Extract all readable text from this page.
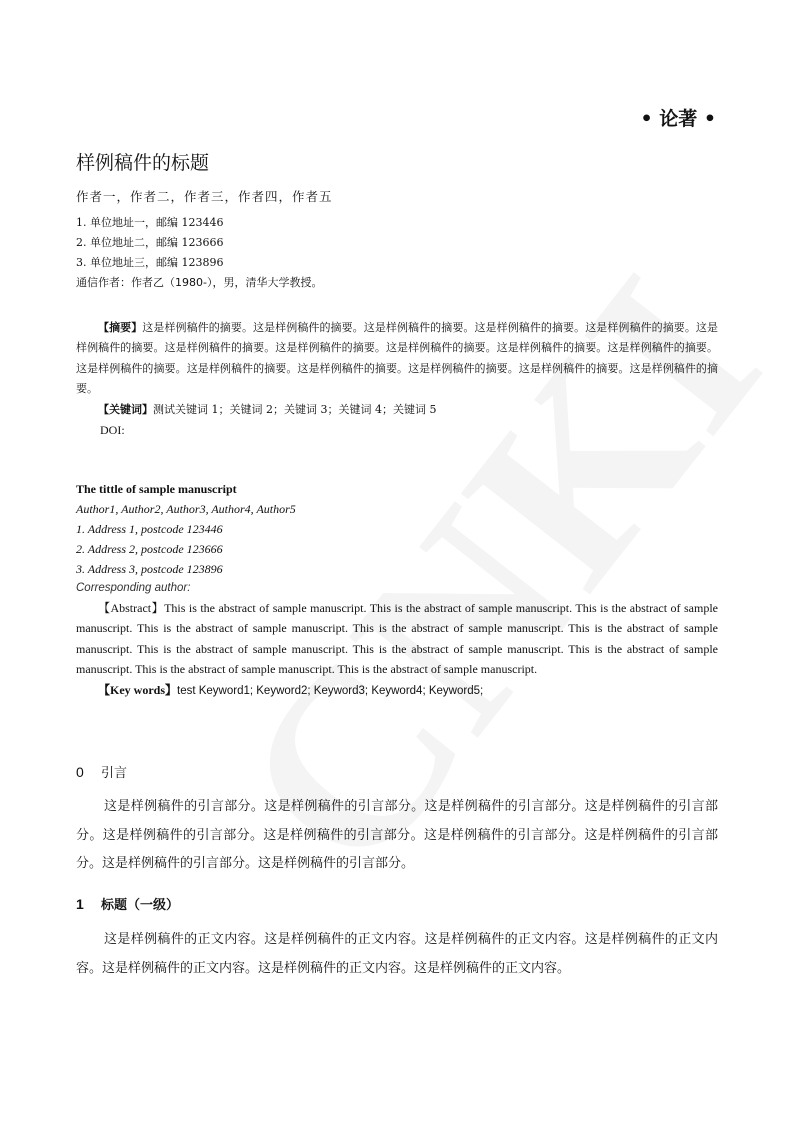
• 论著 •
样例稿件的标题
作者一，作者二，作者三，作者四，作者五
1. 单位地址一，邮编 123446
2. 单位地址二，邮编 123666
3. 单位地址三，邮编 123896
通信作者：作者乙（1980-），男，清华大学教授。
【摘要】这是样例稿件的摘要。这是样例稿件的摘要。这是样例稿件的摘要。这是样例稿件的摘要。这是样例稿件的摘要。这是样例稿件的摘要。这是样例稿件的摘要。这是样例稿件的摘要。这是样例稿件的摘要。这是样例稿件的摘要。这是样例稿件的摘要。这是样例稿件的摘要。这是样例稿件的摘要。这是样例稿件的摘要。这是样例稿件的摘要。这是样例稿件的摘要。这是样例稿件的摘要。
【关键词】测试关键词 1；关键词 2；关键词 3；关键词 4；关键词 5
DOI:
The tittle of sample manuscript
Author1, Author2, Author3, Author4, Author5
1. Address 1, postcode 123446
2. Address 2, postcode 123666
3. Address 3, postcode 123896
Corresponding author:
【Abstract】This is the abstract of sample manuscript. This is the abstract of sample manuscript. This is the abstract of sample manuscript. This is the abstract of sample manuscript. This is the abstract of sample manuscript. This is the abstract of sample manuscript. This is the abstract of sample manuscript. This is the abstract of sample manuscript. This is the abstract of sample manuscript. This is the abstract of sample manuscript. This is the abstract of sample manuscript.
【Key words】test Keyword1; Keyword2; Keyword3; Keyword4; Keyword5;
0 引言
这是样例稿件的引言部分。这是样例稿件的引言部分。这是样例稿件的引言部分。这是样例稿件的引言部分。这是样例稿件的引言部分。这是样例稿件的引言部分。这是样例稿件的引言部分。这是样例稿件的引言部分。这是样例稿件的引言部分。这是样例稿件的引言部分。
1 标题（一级）
这是样例稿件的正文内容。这是样例稿件的正文内容。这是样例稿件的正文内容。这是样例稿件的正文内容。这是样例稿件的正文内容。这是样例稿件的正文内容。这是样例稿件的正文内容。
